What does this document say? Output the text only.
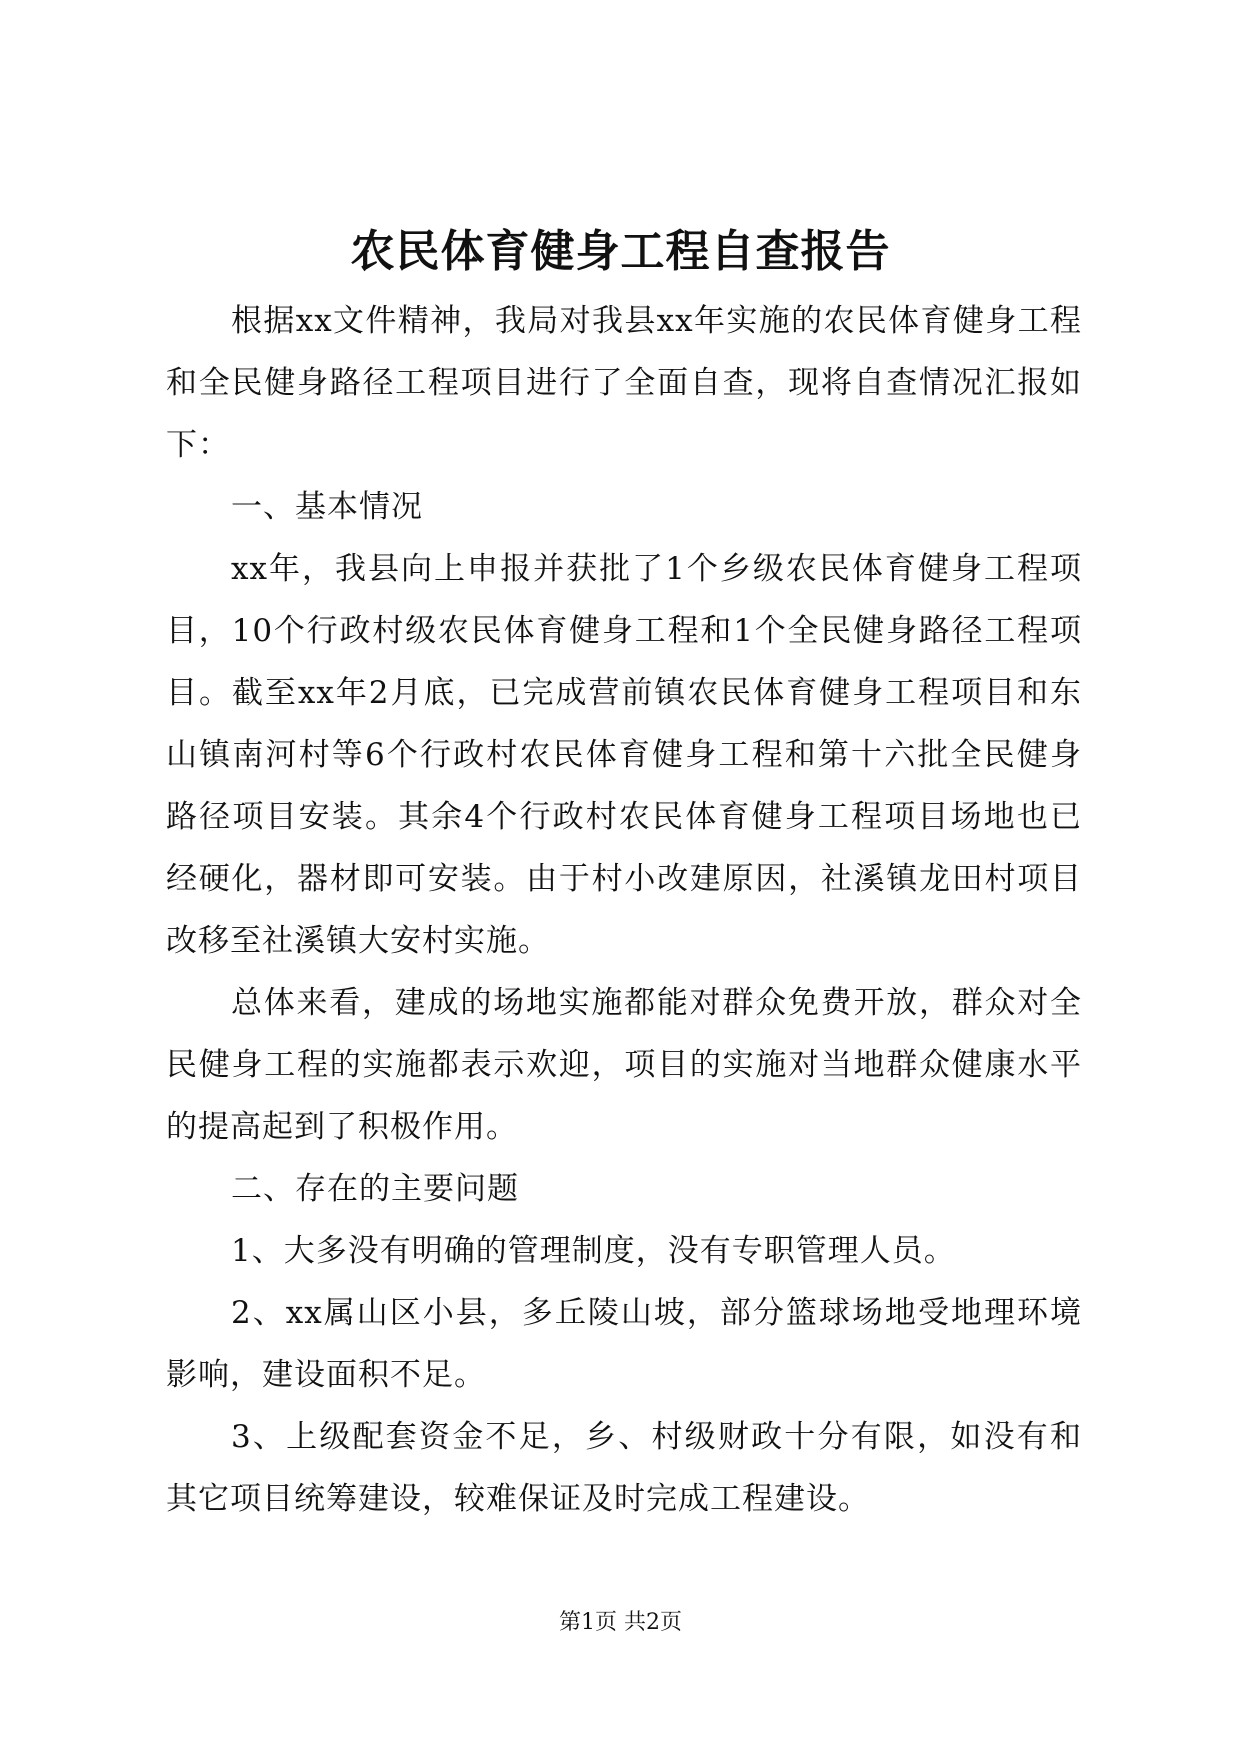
农民体育健身工程自查报告

根据xx文件精神，我局对我县xx年实施的农民体育健身工程和全民健身路径工程项目进行了全面自查，现将自查情况汇报如下：

一、基本情况

xx年，我县向上申报并获批了1个乡级农民体育健身工程项目，10个行政村级农民体育健身工程和1个全民健身路径工程项目。截至xx年2月底，已完成营前镇农民体育健身工程项目和东山镇南河村等6个行政村农民体育健身工程和第十六批全民健身路径项目安装。其余4个行政村农民体育健身工程项目场地也已经硬化，器材即可安装。由于村小改建原因，社溪镇龙田村项目改移至社溪镇大安村实施。

总体来看，建成的场地实施都能对群众免费开放，群众对全民健身工程的实施都表示欢迎，项目的实施对当地群众健康水平的提高起到了积极作用。

二、存在的主要问题

1、大多没有明确的管理制度，没有专职管理人员。

2、xx属山区小县，多丘陵山坡，部分篮球场地受地理环境影响，建设面积不足。

3、上级配套资金不足，乡、村级财政十分有限，如没有和其它项目统筹建设，较难保证及时完成工程建设。

第1页 共2页
